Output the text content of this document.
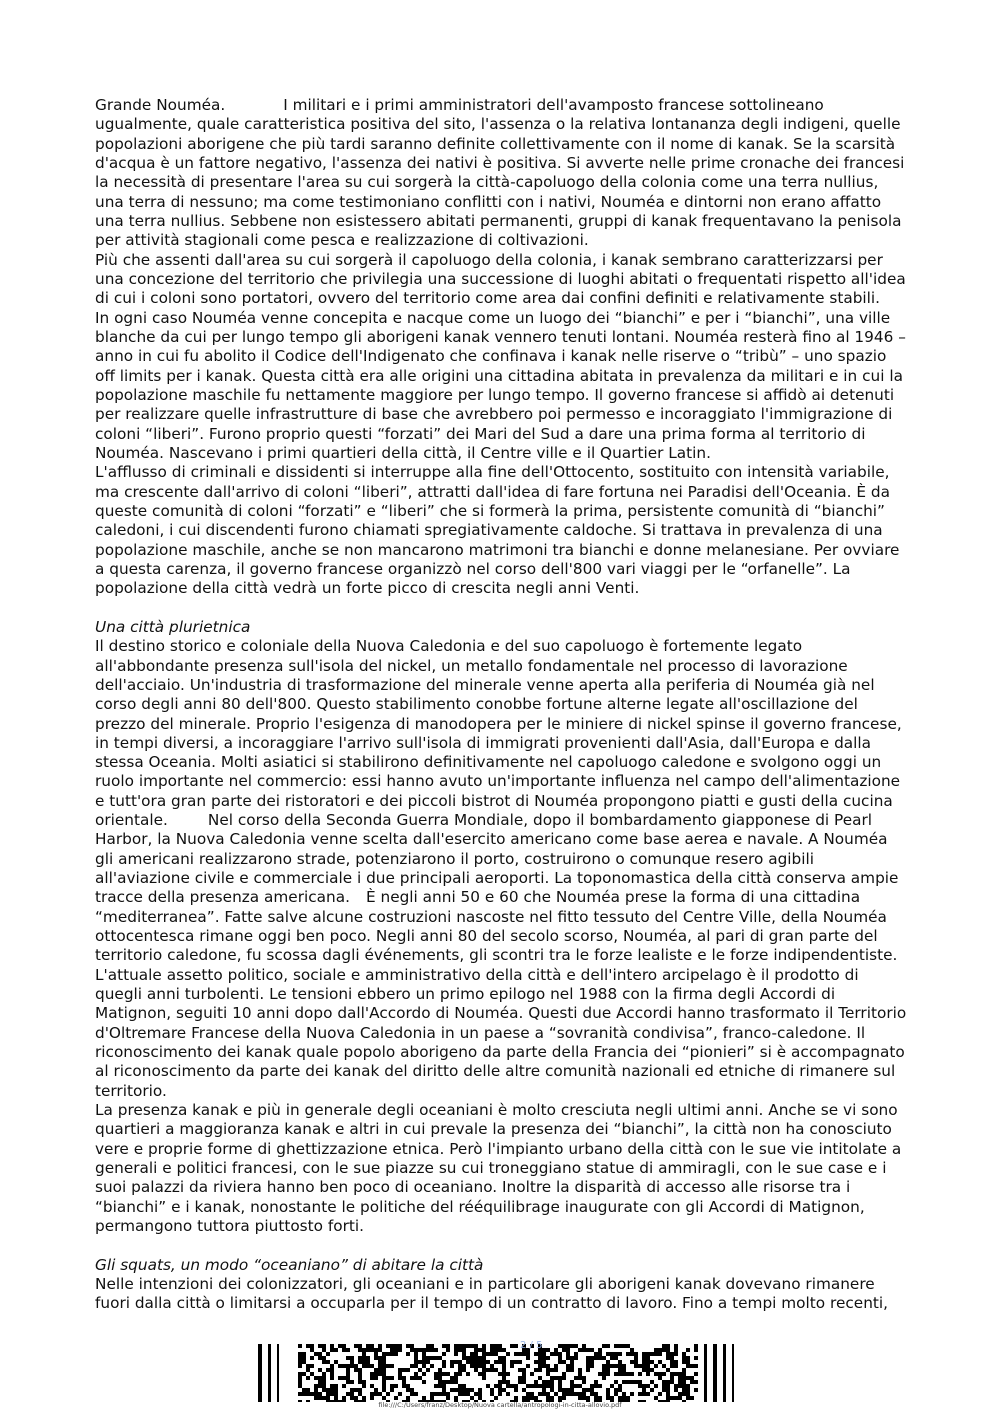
Grande Nouméa.	I militari e i primi amministratori dell'avamposto francese sottolineano ugualmente, quale caratteristica positiva del sito, l'assenza o la relativa lontananza degli indigeni, quelle popolazioni aborigene che più tardi saranno definite collettivamente con il nome di kanak. Se la scarsità d'acqua è un fattore negativo, l'assenza dei nativi è positiva. Si avverte nelle prime cronache dei francesi la necessità di presentare l'area su cui sorgerà la città-capoluogo della colonia come una terra nullius, una terra di nessuno; ma come testimoniano conflitti con i nativi, Nouméa e dintorni non erano affatto una terra nullius. Sebbene non esistessero abitati permanenti, gruppi di kanak frequentavano la penisola per attività stagionali come pesca e realizzazione di coltivazioni.

Più che assenti dall'area su cui sorgerà il capoluogo della colonia, i kanak sembrano caratterizzarsi per una concezione del territorio che privilegia una successione di luoghi abitati o frequentati rispetto all'idea di cui i coloni sono portatori, ovvero del territorio come area dai confini definiti e relativamente stabili.

In ogni caso Nouméa venne concepita e nacque come un luogo dei “bianchi” e per i “bianchi”, una ville blanche da cui per lungo tempo gli aborigeni kanak vennero tenuti lontani. Nouméa resterà fino al 1946 – anno in cui fu abolito il Codice dell'Indigenato che confinava i kanak nelle riserve o “tribù” – uno spazio off limits per i kanak. Questa città era alle origini una cittadina abitata in prevalenza da militari e in cui la popolazione maschile fu nettamente maggiore per lungo tempo. Il governo francese si affidò ai detenuti per realizzare quelle infrastrutture di base che avrebbero poi permesso e incoraggiato l'immigrazione di coloni “liberi”. Furono proprio questi “forzati” dei Mari del Sud a dare una prima forma al territorio di Nouméa. Nascevano i primi quartieri della città, il Centre ville e il Quartier Latin.

L'afflusso di criminali e dissidenti si interruppe alla fine dell'Ottocento, sostituito con intensità variabile, ma crescente dall'arrivo di coloni “liberi”, attratti dall'idea di fare fortuna nei Paradisi dell'Oceania. È da queste comunità di coloni “forzati” e “liberi” che si formerà la prima, persistente comunità di “bianchi” caledoni, i cui discendenti furono chiamati spregiativamente caldoche. Si trattava in prevalenza di una popolazione maschile, anche se non mancarono matrimoni tra bianchi e donne melanesiane. Per ovviare a questa carenza, il governo francese organizzò nel corso dell'800 vari viaggi per le “orfanelle”. La popolazione della città vedrà un forte picco di crescita negli anni Venti.

Una città plurietnica

Il destino storico e coloniale della Nuova Caledonia e del suo capoluogo è fortemente legato all'abbondante presenza sull'isola del nickel, un metallo fondamentale nel processo di lavorazione dell'acciaio. Un'industria di trasformazione del minerale venne aperta alla periferia di Nouméa già nel corso degli anni 80 dell'800. Questo stabilimento conobbe fortune alterne legate all'oscillazione del prezzo del minerale. Proprio l'esigenza di manodopera per le miniere di nickel spinse il governo francese, in tempi diversi, a incoraggiare l'arrivo sull'isola di immigrati provenienti dall'Asia, dall'Europa e dalla stessa Oceania. Molti asiatici si stabilirono definitivamente nel capoluogo caledone e svolgono oggi un ruolo importante nel commercio: essi hanno avuto un'importante influenza nel campo dell'alimentazione e tutt'ora gran parte dei ristoratori e dei piccoli bistrot di Nouméa propongono piatti e gusti della cucina orientale.	Nel corso della Seconda Guerra Mondiale, dopo il bombardamento giapponese di Pearl Harbor, la Nuova Caledonia venne scelta dall'esercito americano come base aerea e navale. A Nouméa gli americani realizzarono strade, potenziarono il porto, costruirono o comunque resero agibili all'aviazione civile e commerciale i due principali aeroporti. La toponomastica della città conserva ampie tracce della presenza americana. È negli anni 50 e 60 che Nouméa prese la forma di una cittadina “mediterranea”. Fatte salve alcune costruzioni nascoste nel fitto tessuto del Centre Ville, della Nouméa ottocentesca rimane oggi ben poco. Negli anni 80 del secolo scorso, Nouméa, al pari di gran parte del territorio caledone, fu scossa dagli événements, gli scontri tra le forze lealiste e le forze indipendentiste. L'attuale assetto politico, sociale e amministrativo della città e dell'intero arcipelago è il prodotto di quegli anni turbolenti. Le tensioni ebbero un primo epilogo nel 1988 con la firma degli Accordi di Matignon, seguiti 10 anni dopo dall'Accordo di Nouméa. Questi due Accordi hanno trasformato il Territorio d'Oltremare Francese della Nuova Caledonia in un paese a “sovranità condivisa”, franco-caledone. Il riconoscimento dei kanak quale popolo aborigeno da parte della Francia dei “pionieri” si è accompagnato al riconoscimento da parte dei kanak del diritto delle altre comunità nazionali ed etniche di rimanere sul territorio.

La presenza kanak e più in generale degli oceaniani è molto cresciuta negli ultimi anni. Anche se vi sono quartieri a maggioranza kanak e altri in cui prevale la presenza dei “bianchi”, la città non ha conosciuto vere e proprie forme di ghettizzazione etnica. Però l'impianto urbano della città con le sue vie intitolate a generali e politici francesi, con le sue piazze su cui troneggiano statue di ammiragli, con le sue case e i suoi palazzi da riviera hanno ben poco di oceaniano. Inoltre la disparità di accesso alle risorse tra i “bianchi” e i kanak, nonostante le politiche del rééquilibrage inaugurate con gli Accordi di Matignon, permangono tuttora piuttosto forti.

Gli squats, un modo “oceaniano” di abitare la città

Nelle intenzioni dei colonizzatori, gli oceaniani e in particolare gli aborigeni kanak dovevano rimanere fuori dalla città o limitarsi a occuparla per il tempo di un contratto di lavoro. Fino a tempi molto recenti,

2 / 5
file:///C:/Users/franz/Desktop/Nuova cartella/antropologi-in-citta-allovio.pdf
